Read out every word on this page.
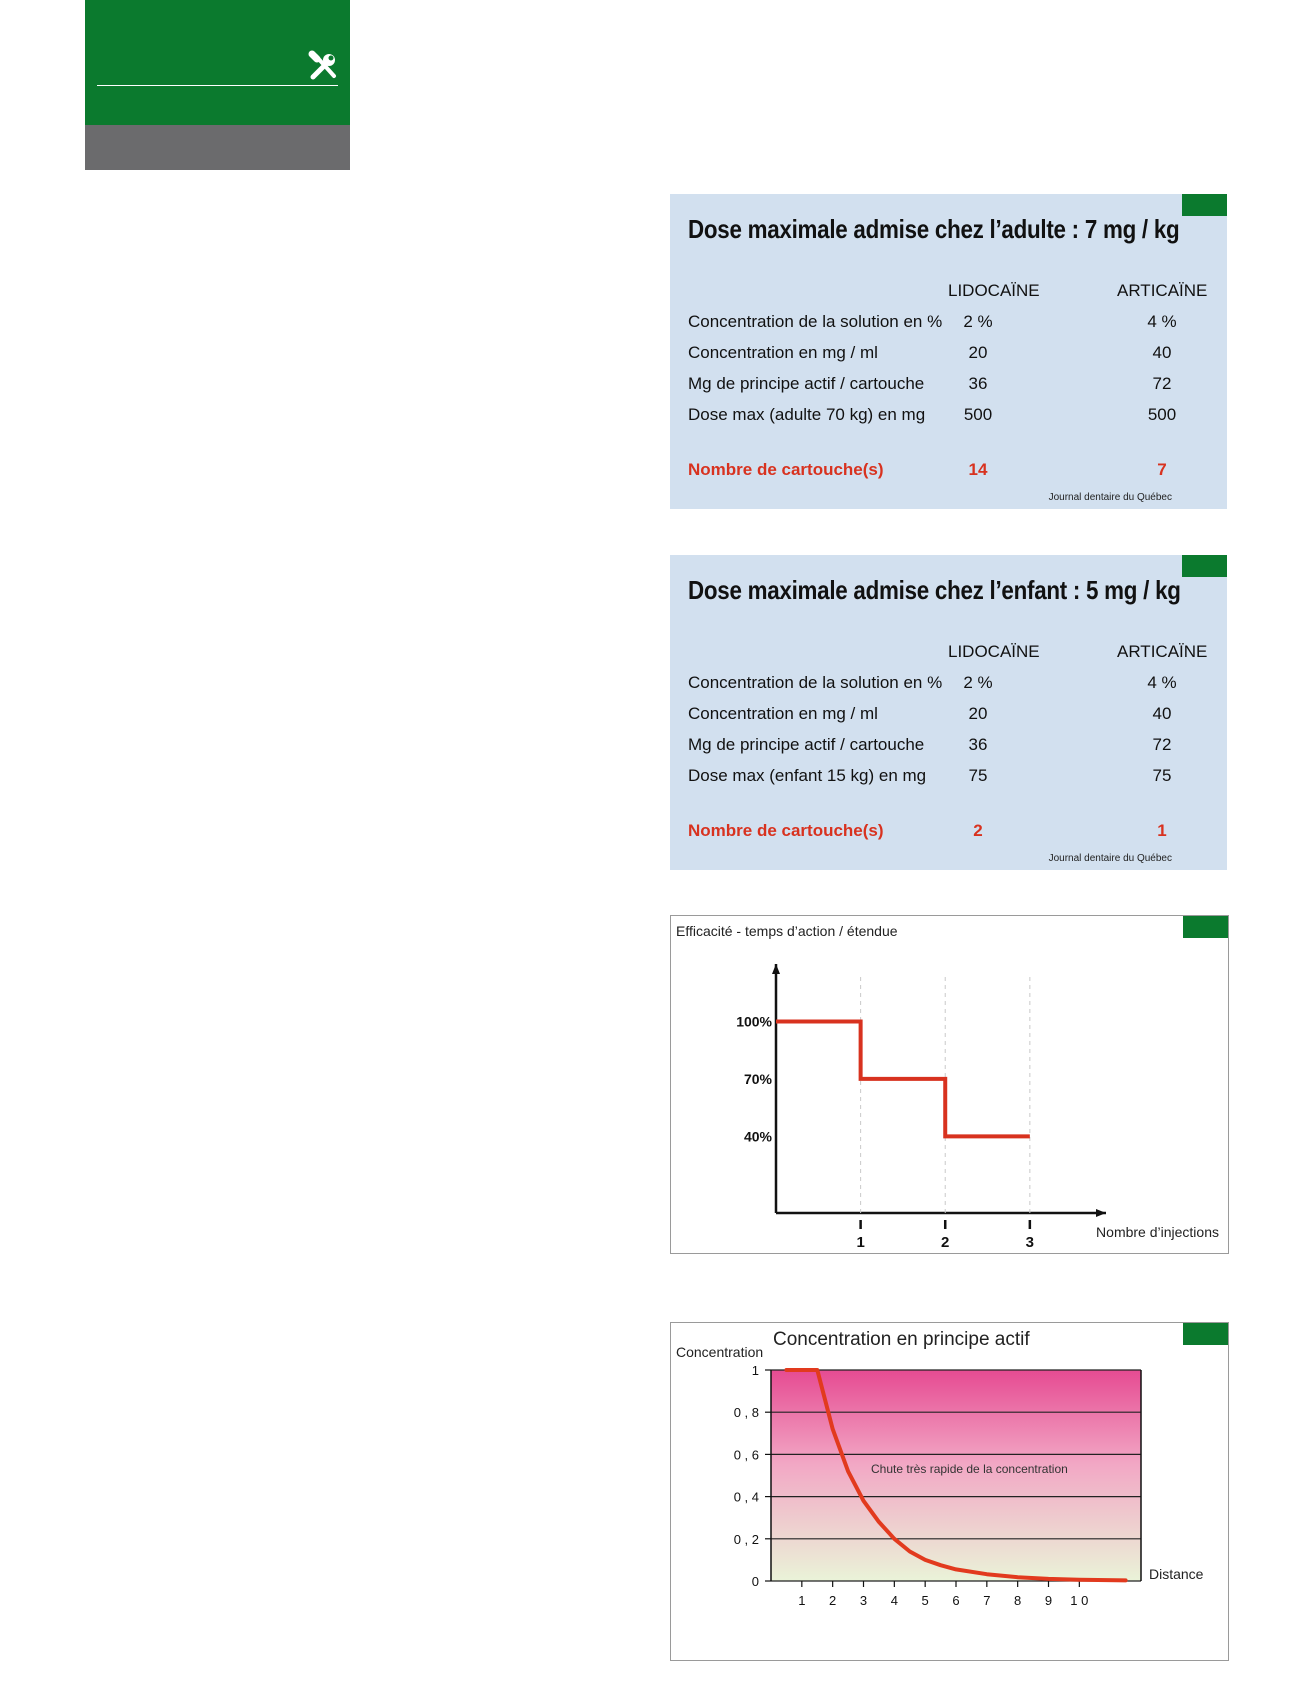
Dose maximale admise chez l’adulte : 7 mg / kg
LIDOCAÏNE	ARTICAÏNE
Concentration de la solution en %	2 %	4 %
Concentration en mg / ml	20	40
Mg de principe actif / cartouche	36	72
Dose max (adulte 70 kg) en mg	500	500
Nombre de cartouche(s)	14	7
Journal dentaire du Québec
Dose maximale admise chez l’enfant : 5 mg / kg
LIDOCAÏNE	ARTICAÏNE
Concentration de la solution en %	2 %	4 %
Concentration en mg / ml	20	40
Mg de principe actif / cartouche	36	72
Dose max (enfant 15 kg) en mg	75	75
Nombre de cartouche(s)	2	1
Journal dentaire du Québec
Efficacité - temps d’action / étendue
1	2	3
100%
70%
40%
Nombre d’injections
Concentration en principe actif
0
0 , 2
0 , 4
0 , 6
0 , 8
1
1 2 3 4 5 6 7 8 9 1 0
Concentration
Distance
Chute très rapide de la concentration
